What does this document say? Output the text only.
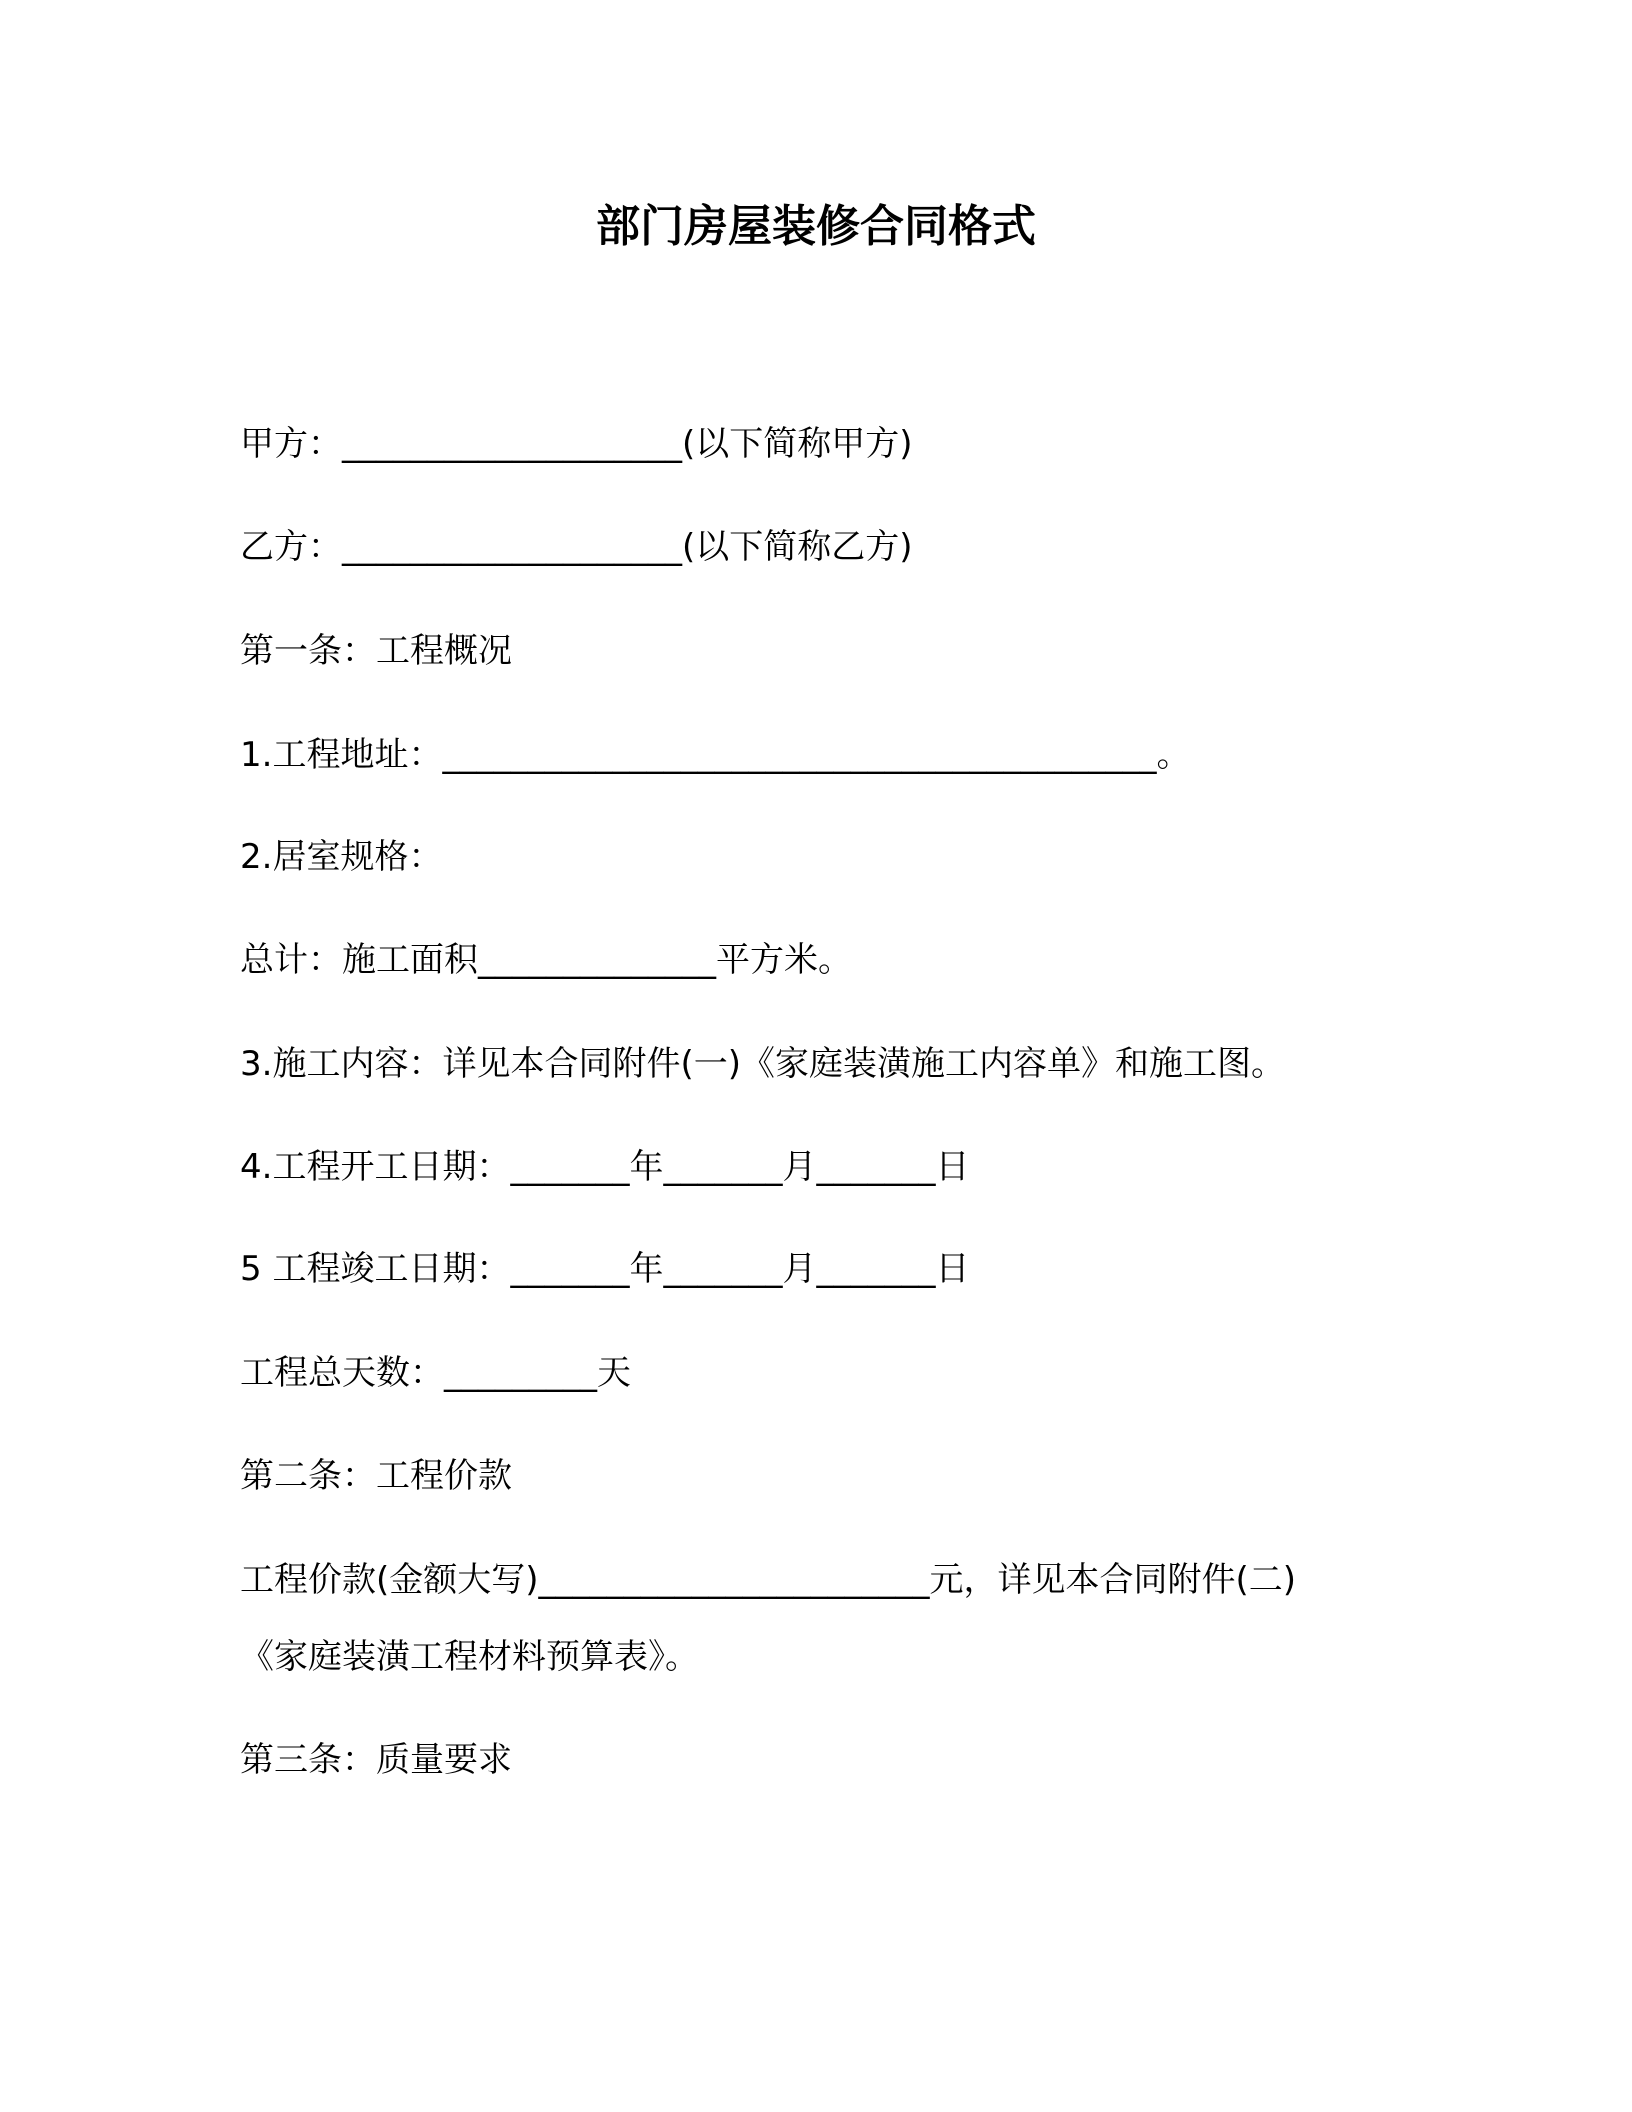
部门房屋装修合同格式
甲方：____________________(以下简称甲方)
乙方：____________________(以下简称乙方)
第一条：工程概况
1.工程地址：__________________________________________。
2.居室规格：
总计：施工面积______________平方米。
3.施工内容：详见本合同附件(一)《家庭装潢施工内容单》和施工图。
4.工程开工日期：_______年_______月_______日
5 工程竣工日期：_______年_______月_______日
工程总天数：_________天
第二条：工程价款
工程价款(金额大写)_______________________元，详见本合同附件(二)
《家庭装潢工程材料预算表》。
第三条：质量要求
